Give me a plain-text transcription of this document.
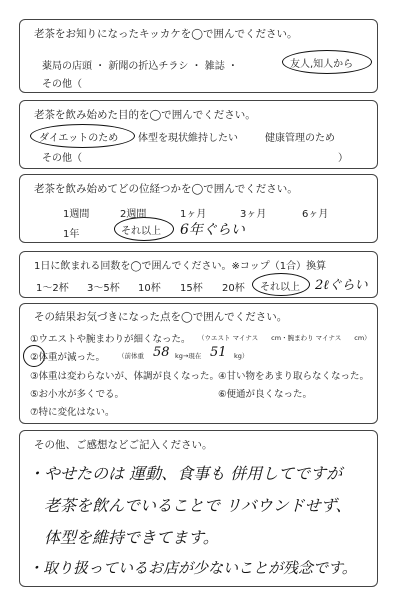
老茶をお知りになったキッカケを◯で囲んでください。
薬局の店頭 ・ 新聞の折込チラシ ・ 雑誌 ・	友人,知人から
その他（
老茶を飲み始めた目的を◯で囲んでください。
ダイエットのため 体型を現状維持したい	健康管理のため
その他（	）
老茶を飲み始めてどの位経つかを◯で囲んでください。
1週間	2週間	1ヶ月	3ヶ月	6ヶ月
1年	それ以上 6年ぐらい
1日に飲まれる回数を◯で囲んでください。※コップ（1合）換算
1〜2杯 3〜5杯 10杯 15杯 20杯 それ以上 2ℓぐらい
その結果お気づきになった点を◯で囲んでください。
①ウエストや腕まわりが細くなった。 （ウエスト マイナス　　cm・腕まわり マイナス　　cm）
②体重が減った。 （前体重 58 kg→現在 51 kg）
③体重は変わらないが、体調が良くなった。
④甘い物をあまり取らなくなった。
⑤お小水が多くでる。	⑥便通が良くなった。
⑦特に変化はない。
その他、ご感想などご記入ください。
・やせたのは 運動、食事も 併用してですが
老茶を飲んでいることで リバウンドせず、
体型を維持できてます。
・取り扱っているお店が少ないことが残念です。
